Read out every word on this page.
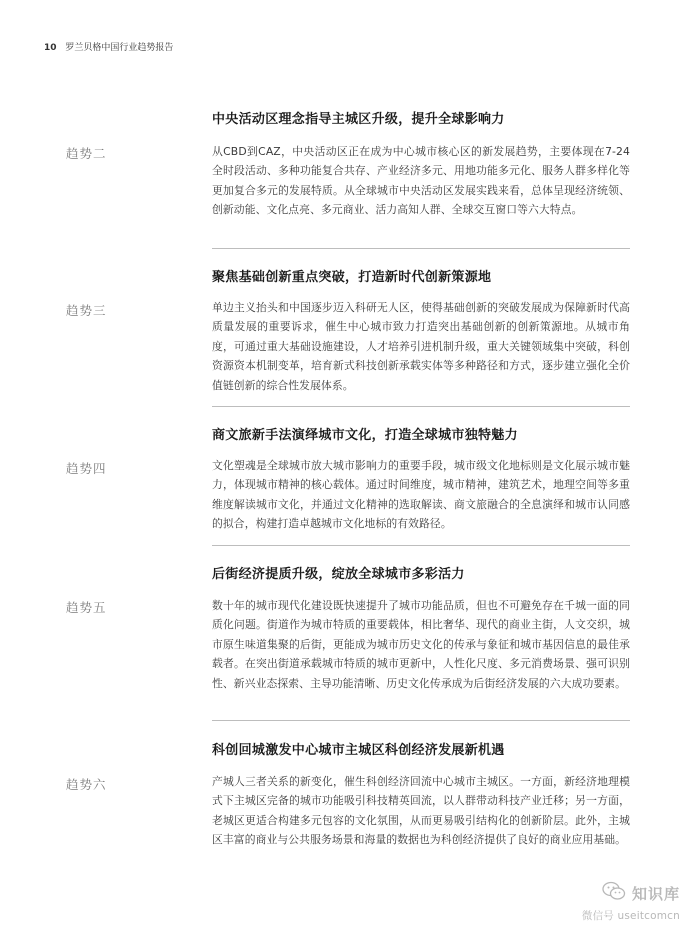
10 罗兰贝格中国行业趋势报告
中央活动区理念指导主城区升级，提升全球影响力
趋势二	从CBD到CAZ，中央活动区正在成为中心城市核心区的新发展趋势，主要体现在7-24全时段活动、多种功能复合共存、产业经济多元、用地功能多元化、服务人群多样化等更加复合多元的发展特质。从全球城市中央活动区发展实践来看，总体呈现经济统领、创新动能、文化点亮、多元商业、活力高知人群、全球交互窗口等六大特点。
聚焦基础创新重点突破，打造新时代创新策源地
趋势三	单边主义抬头和中国逐步迈入科研无人区，使得基础创新的突破发展成为保障新时代高质量发展的重要诉求，催生中心城市致力打造突出基础创新的创新策源地。从城市角度，可通过重大基础设施建设，人才培养引进机制升级，重大关键领域集中突破，科创资源资本机制变革，培育新式科技创新承载实体等多种路径和方式，逐步建立强化全价值链创新的综合性发展体系。
商文旅新手法演绎城市文化，打造全球城市独特魅力
趋势四	文化塑魂是全球城市放大城市影响力的重要手段，城市级文化地标则是文化展示城市魅力，体现城市精神的核心载体。通过时间维度，城市精神，建筑艺术，地理空间等多重维度解读城市文化，并通过文化精神的选取解读、商文旅融合的全息演绎和城市认同感的拟合，构建打造卓越城市文化地标的有效路径。
后街经济提质升级，绽放全球城市多彩活力
趋势五	数十年的城市现代化建设既快速提升了城市功能品质，但也不可避免存在千城一面的同质化问题。街道作为城市特质的重要载体，相比奢华、现代的商业主街，人文交织，城市原生味道集聚的后街，更能成为城市历史文化的传承与象征和城市基因信息的最佳承载者。在突出街道承载城市特质的城市更新中，人性化尺度、多元消费场景、强可识别性、新兴业态探索、主导功能清晰、历史文化传承成为后街经济发展的六大成功要素。
科创回城激发中心城市主城区科创经济发展新机遇
趋势六	产城人三者关系的新变化，催生科创经济回流中心城市主城区。一方面，新经济地理模式下主城区完备的城市功能吸引科技精英回流，以人群带动科技产业迁移；另一方面，老城区更适合构建多元包容的文化氛围，从而更易吸引结构化的创新阶层。此外，主城区丰富的商业与公共服务场景和海量的数据也为科创经济提供了良好的商业应用基础。
知识库
微信号 useitcomcn
